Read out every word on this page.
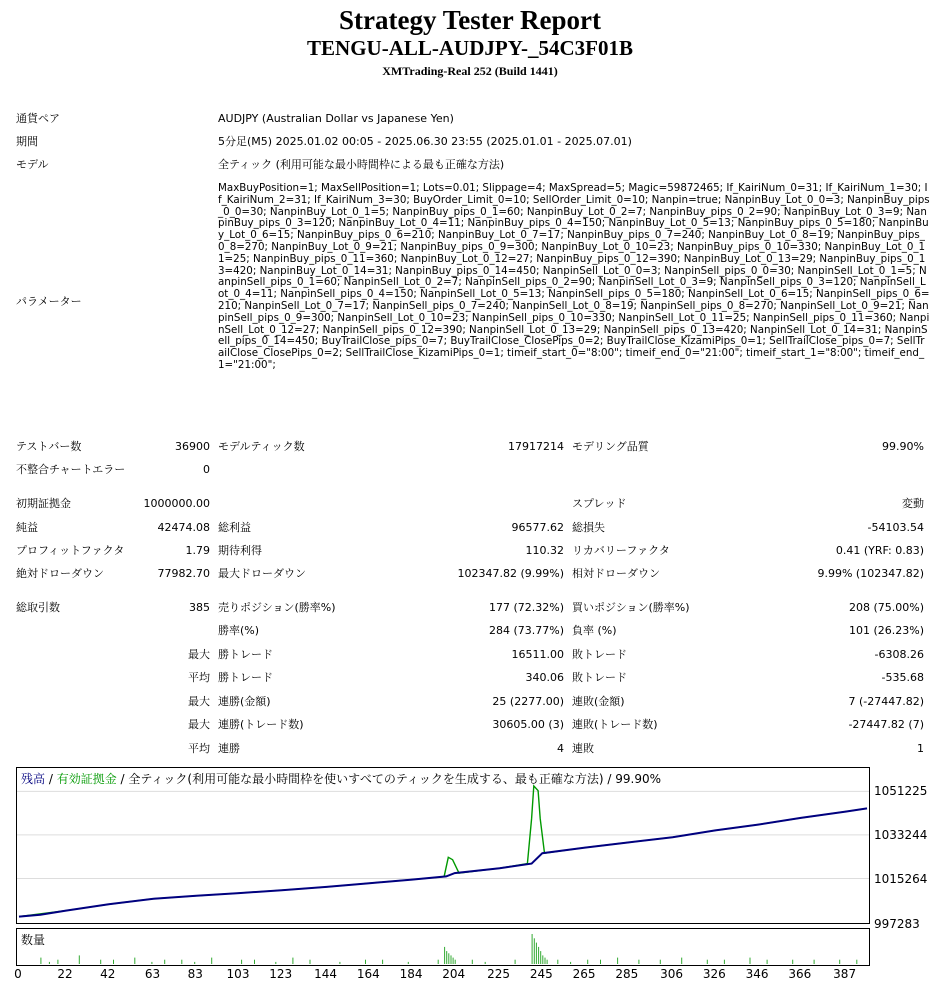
Strategy Tester Report
TENGU-ALL-AUDJPY-_54C3F01B
XMTrading-Real 252 (Build 1441)
通貨ペア	AUDJPY (Australian Dollar vs Japanese Yen)
期間	5分足(M5) 2025.01.02 00:05 - 2025.06.30 23:55 (2025.01.01 - 2025.07.01)
モデル	全ティック (利用可能な最小時間枠による最も正確な方法)
パラメーター
MaxBuyPosition=1; MaxSellPosition=1; Lots=0.01; Slippage=4; MaxSpread=5; Magic=59872465; If_KairiNum_0=31; If_KairiNum_1=30; If_KairiNum_2=31; If_KairiNum_3=30; BuyOrder_Limit_0=10; SellOrder_Limit_0=10; Nanpin=true; NanpinBuy_Lot_0_0=3; NanpinBuy_pips_0_0=30; NanpinBuy_Lot_0_1=5; NanpinBuy_pips_0_1=60; NanpinBuy_Lot_0_2=7; NanpinBuy_pips_0_2=90; NanpinBuy_Lot_0_3=9; NanpinBuy_pips_0_3=120; NanpinBuy_Lot_0_4=11; NanpinBuy_pips_0_4=150; NanpinBuy_Lot_0_5=13; NanpinBuy_pips_0_5=180; NanpinBuy_Lot_0_6=15; NanpinBuy_pips_0_6=210; NanpinBuy_Lot_0_7=17; NanpinBuy_pips_0_7=240; NanpinBuy_Lot_0_8=19; NanpinBuy_pips_0_8=270; NanpinBuy_Lot_0_9=21; NanpinBuy_pips_0_9=300; NanpinBuy_Lot_0_10=23; NanpinBuy_pips_0_10=330; NanpinBuy_Lot_0_11=25; NanpinBuy_pips_0_11=360; NanpinBuy_Lot_0_12=27; NanpinBuy_pips_0_12=390; NanpinBuy_Lot_0_13=29; NanpinBuy_pips_0_13=420; NanpinBuy_Lot_0_14=31; NanpinBuy_pips_0_14=450; NanpinSell_Lot_0_0=3; NanpinSell_pips_0_0=30; NanpinSell_Lot_0_1=5; NanpinSell_pips_0_1=60; NanpinSell_Lot_0_2=7; NanpinSell_pips_0_2=90; NanpinSell_Lot_0_3=9; NanpinSell_pips_0_3=120; NanpinSell_Lot_0_4=11; NanpinSell_pips_0_4=150; NanpinSell_Lot_0_5=13; NanpinSell_pips_0_5=180; NanpinSell_Lot_0_6=15; NanpinSell_pips_0_6=210; NanpinSell_Lot_0_7=17; NanpinSell_pips_0_7=240; NanpinSell_Lot_0_8=19; NanpinSell_pips_0_8=270; NanpinSell_Lot_0_9=21; NanpinSell_pips_0_9=300; NanpinSell_Lot_0_10=23; NanpinSell_pips_0_10=330; NanpinSell_Lot_0_11=25; NanpinSell_pips_0_11=360; NanpinSell_Lot_0_12=27; NanpinSell_pips_0_12=390; NanpinSell_Lot_0_13=29; NanpinSell_pips_0_13=420; NanpinSell_Lot_0_14=31; NanpinSell_pips_0_14=450; BuyTrailClose_pips_0=7; BuyTrailClose_ClosePips_0=2; BuyTrailClose_KizamiPips_0=1; SellTrailClose_pips_0=7; SellTrailClose_ClosePips_0=2; SellTrailClose_KizamiPips_0=1; timeif_start_0="8:00"; timeif_end_0="21:00"; timeif_start_1="8:00"; timeif_end_1="21:00";
テストバー数	36900 モデルティック数	17917214 モデリング品質	99.90%
不整合チャートエラー	0
初期証拠金	1000000.00	スプレッド	変動
純益	42474.08 総利益	96577.62 総損失	-54103.54
プロフィットファクタ	1.79 期待利得	110.32 リカバリーファクタ	0.41 (YRF: 0.83)
絶対ドローダウン	77982.70 最大ドローダウン	102347.82 (9.99%) 相対ドローダウン	9.99% (102347.82)
総取引数	385 売りポジション(勝率%)	177 (72.32%) 買いポジション(勝率%)	208 (75.00%)
勝率(%)	284 (73.77%) 負率 (%)	101 (26.23%)
最大 勝トレード	16511.00 敗トレード	-6308.26
平均 勝トレード	340.06 敗トレード	-535.68
最大 連勝(金額)	25 (2277.00) 連敗(金額)	7 (-27447.82)
最大 連勝(トレード数)	30605.00 (3) 連敗(トレード数)	-27447.82 (7)
平均 連勝	4 連敗	1
残高 / 有効証拠金 / 全ティック(利用可能な最小時間枠を使いすべてのティックを生成する、最も正確な方法) / 99.90%
1051225
1033244
1015264
997283
数量
0	22	42	63	83	103 123 144 164 184 204 225 245 265 285 306 326 346 366 387
